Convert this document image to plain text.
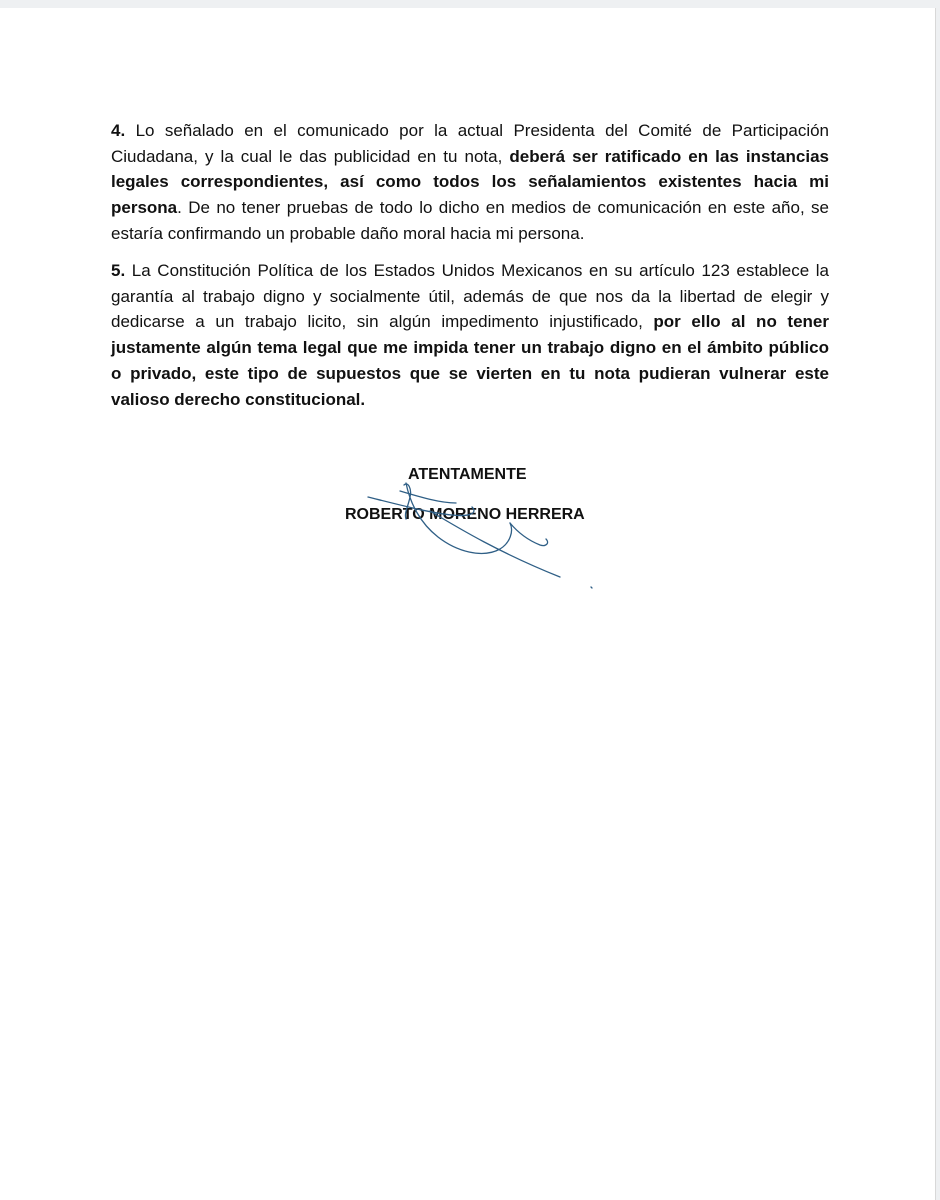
4. Lo señalado en el comunicado por la actual Presidenta del Comité de Participación Ciudadana, y la cual le das publicidad en tu nota, deberá ser ratificado en las instancias legales correspondientes, así como todos los señalamientos existentes hacia mi persona. De no tener pruebas de todo lo dicho en medios de comunicación en este año, se estaría confirmando un probable daño moral hacia mi persona.

5. La Constitución Política de los Estados Unidos Mexicanos en su artículo 123 establece la garantía al trabajo digno y socialmente útil, además de que nos da la libertad de elegir y dedicarse a un trabajo licito, sin algún impedimento injustificado, por ello al no tener justamente algún tema legal que me impida tener un trabajo digno en el ámbito público o privado, este tipo de supuestos que se vierten en tu nota pudieran vulnerar este valioso derecho constitucional.

ATENTAMENTE
ROBERTO MORENO HERRERA
